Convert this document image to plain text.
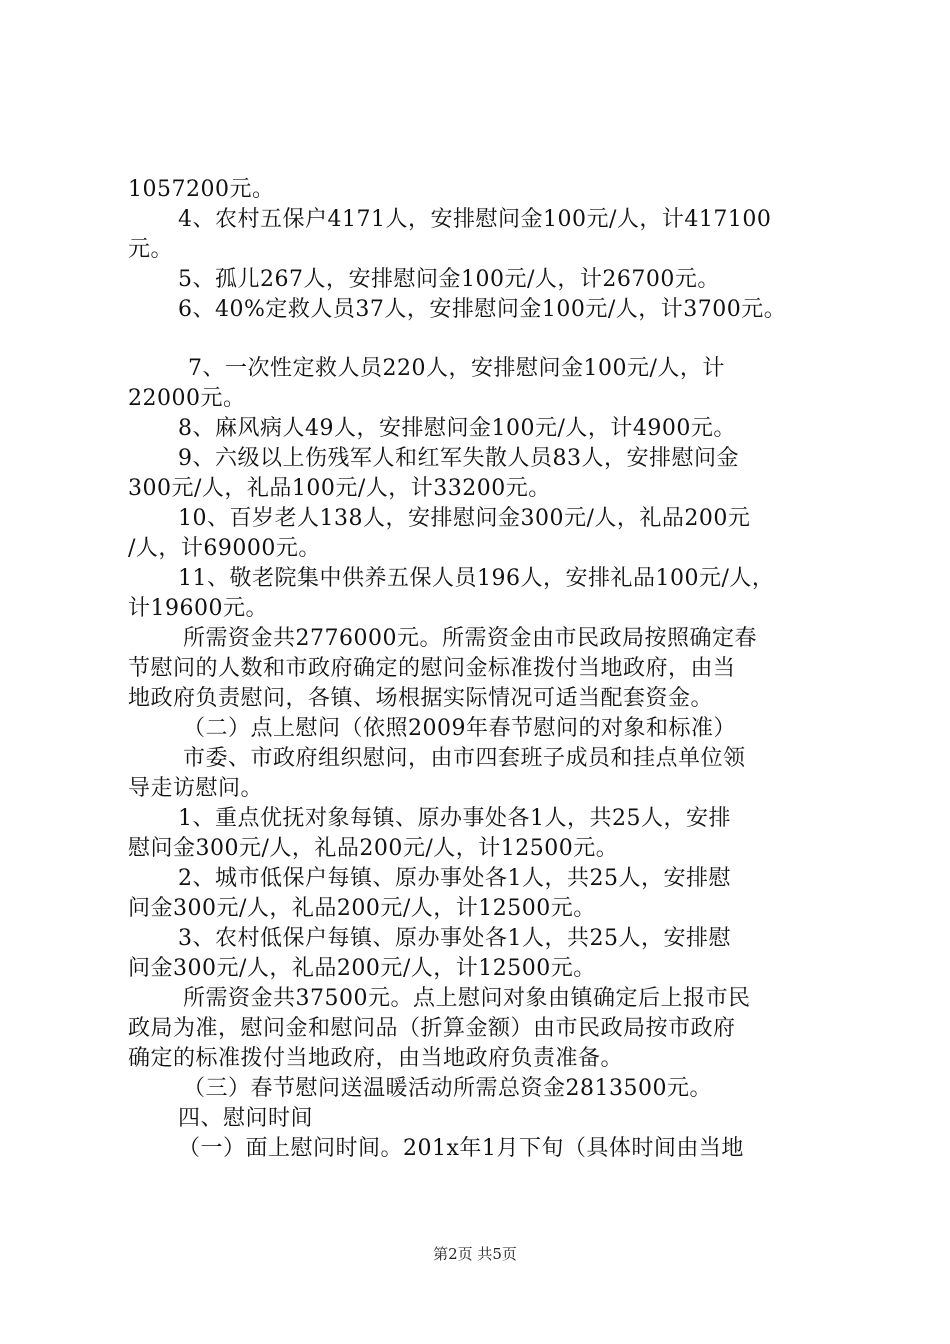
1057200元。
4、农村五保户4171人，安排慰问金100元/人，计417100
元。
5、孤儿267人，安排慰问金100元/人，计26700元。
6、40%定救人员37人，安排慰问金100元/人，计3700元。
7、一次性定救人员220人，安排慰问金100元/人，计
22000元。
8、麻风病人49人，安排慰问金100元/人，计4900元。
9、六级以上伤残军人和红军失散人员83人，安排慰问金
300元/人，礼品100元/人，计33200元。
10、百岁老人138人，安排慰问金300元/人，礼品200元
/人，计69000元。
11、敬老院集中供养五保人员196人，安排礼品100元/人，
计19600元。
所需资金共2776000元。所需资金由市民政局按照确定春
节慰问的人数和市政府确定的慰问金标准拨付当地政府，由当
地政府负责慰问，各镇、场根据实际情况可适当配套资金。
（二）点上慰问（依照2009年春节慰问的对象和标准）
市委、市政府组织慰问，由市四套班子成员和挂点单位领
导走访慰问。
1、重点优抚对象每镇、原办事处各1人，共25人，安排
慰问金300元/人，礼品200元/人，计12500元。
2、城市低保户每镇、原办事处各1人，共25人，安排慰
问金300元/人，礼品200元/人，计12500元。
3、农村低保户每镇、原办事处各1人，共25人，安排慰
问金300元/人，礼品200元/人，计12500元。
所需资金共37500元。点上慰问对象由镇确定后上报市民
政局为准，慰问金和慰问品（折算金额）由市民政局按市政府
确定的标准拨付当地政府，由当地政府负责准备。
（三）春节慰问送温暖活动所需总资金2813500元。
四、慰问时间
（一）面上慰问时间。201x年1月下旬（具体时间由当地
第2页 共5页
